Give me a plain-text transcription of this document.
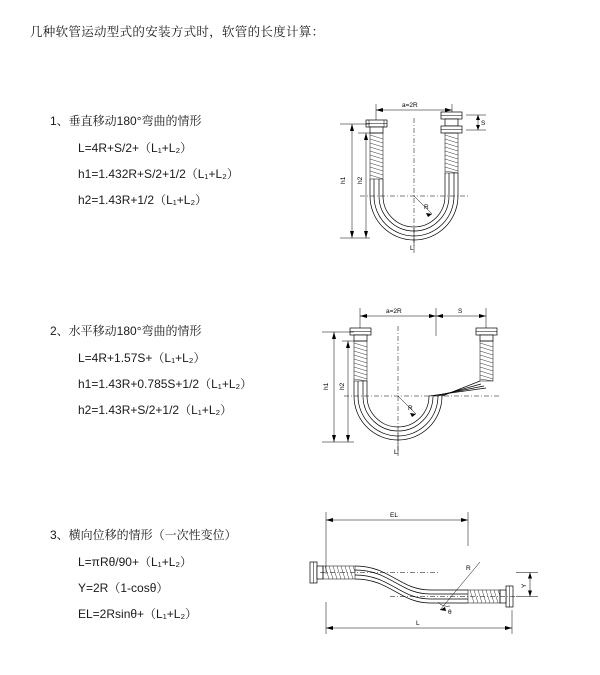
几种软管运动型式的安装方式时，软管的长度计算：
1、垂直移动180°弯曲的情形
L=4R+S/2+（L₁+L₂）
h1=1.432R+S/2+1/2（L₁+L₂）
h2=1.43R+1/2（L₁+L₂）
a=2R
R
h1 h2
L
S
2、水平移动180°弯曲的情形
L=4R+1.57S+（L₁+L₂）
h1=1.43R+0.785S+1/2（L₁+L₂）
h2=1.43R+S/2+1/2（L₁+L₂）
a=2R	S
R
h1 h2
L
3、横向位移的情形（一次性变位）
L=πRθ/90+（L₁+L₂）
Y=2R（1-cosθ）
EL=2Rsinθ+（L₁+L₂）
EL
Y
R
θ
L
